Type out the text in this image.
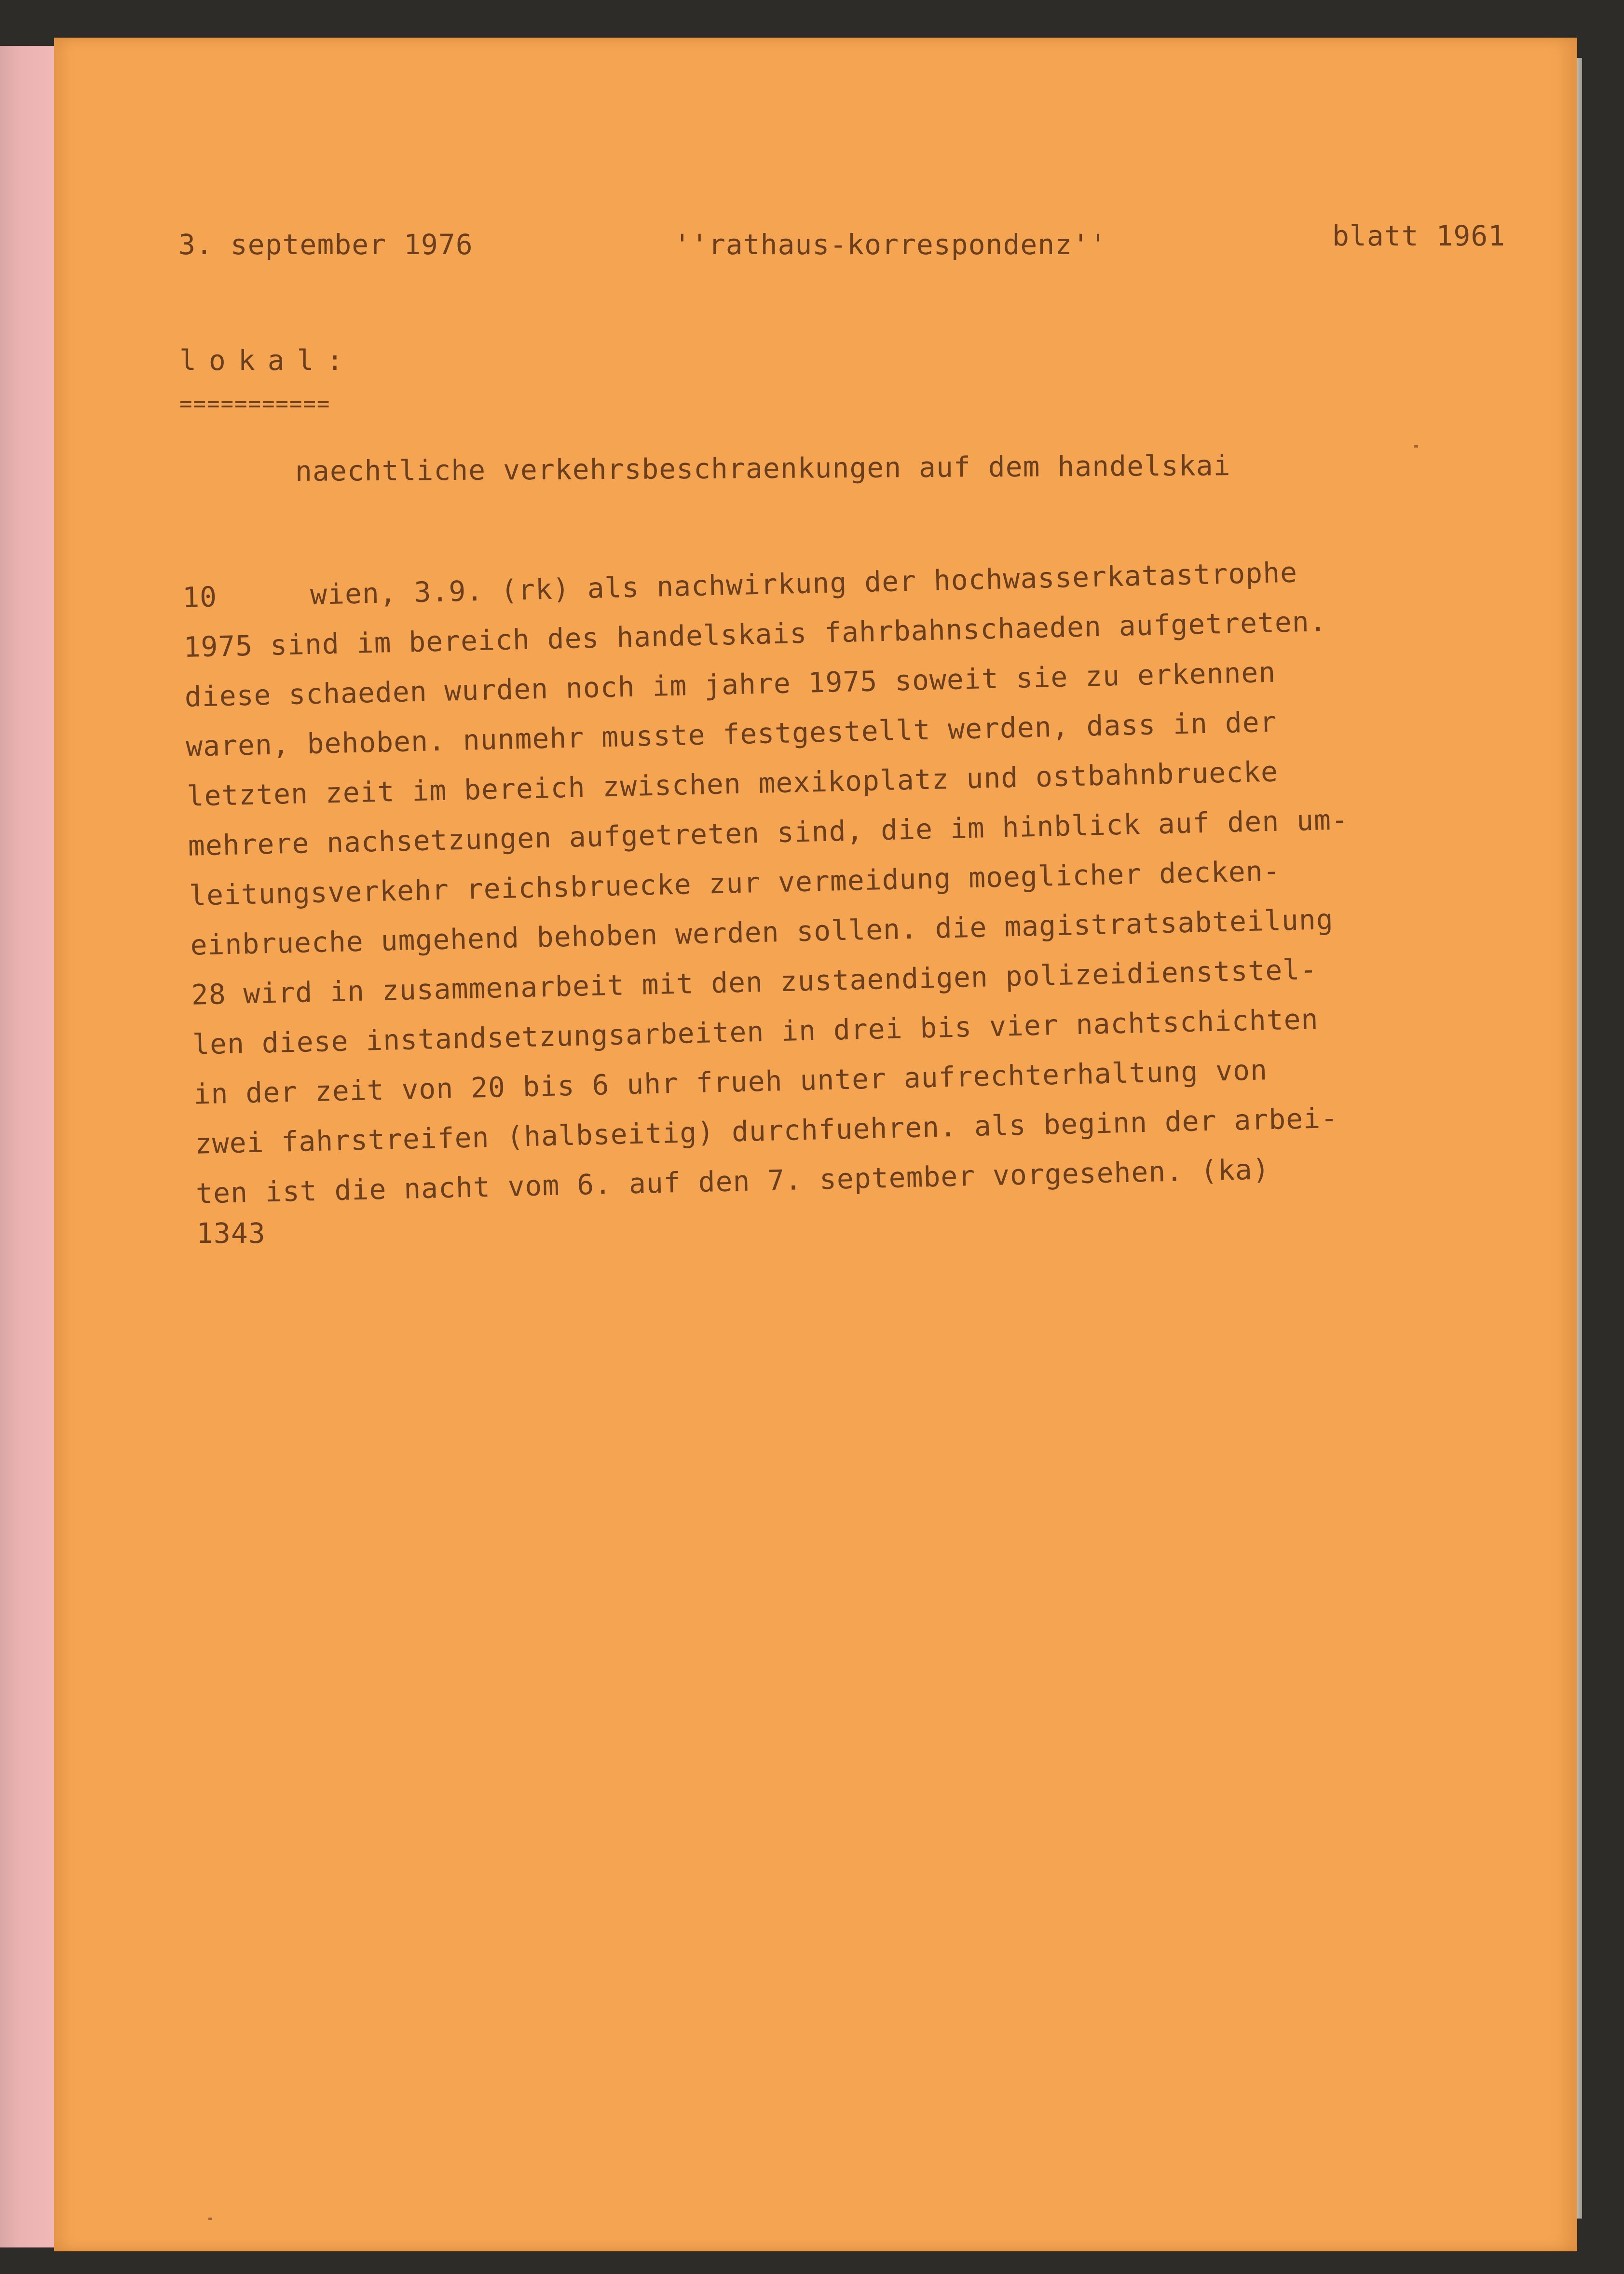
3. september 1976	''rathaus-korrespondenz''	blatt 1961
lokal:
===========
naechtliche verkehrsbeschraenkungen auf dem handelskai
10	wien, 3.9. (rk) als nachwirkung der hochwasserkatastrophe
1975 sind im bereich des handelskais fahrbahnschaeden aufgetreten.
diese schaeden wurden noch im jahre 1975 soweit sie zu erkennen
waren, behoben. nunmehr musste festgestellt werden, dass in der
letzten zeit im bereich zwischen mexikoplatz und ostbahnbruecke
mehrere nachsetzungen aufgetreten sind, die im hinblick auf den um-
leitungsverkehr reichsbruecke zur vermeidung moeglicher decken-
einbrueche umgehend behoben werden sollen. die magistratsabteilung
28 wird in zusammenarbeit mit den zustaendigen polizeidienststel-
len diese instandsetzungsarbeiten in drei bis vier nachtschichten
in der zeit von 20 bis 6 uhr frueh unter aufrechterhaltung von
zwei fahrstreifen (halbseitig) durchfuehren. als beginn der arbei-
ten ist die nacht vom 6. auf den 7. september vorgesehen. (ka)
1343
